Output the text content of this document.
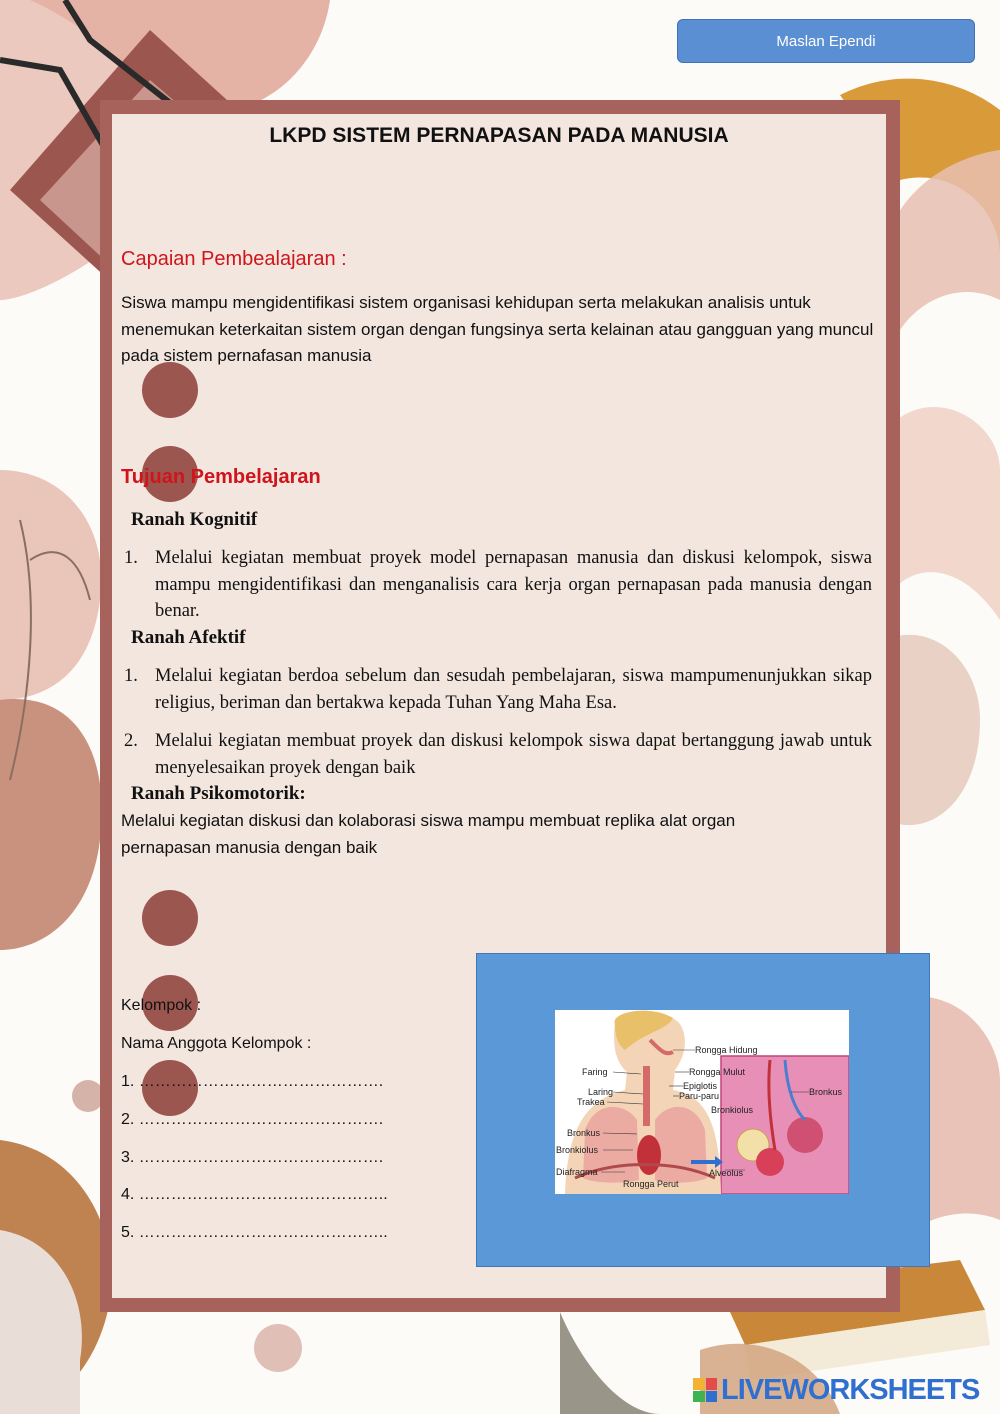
Maslan Ependi
LKPD SISTEM PERNAPASAN PADA MANUSIA
Capaian Pembealajaran :
Siswa mampu mengidentifikasi sistem organisasi kehidupan serta melakukan analisis untuk menemukan keterkaitan sistem organ dengan fungsinya serta kelainan atau gangguan yang muncul pada sistem pernafasan manusia
Tujuan Pembelajaran
Ranah Kognitif
1. Melalui kegiatan membuat proyek model pernapasan manusia dan diskusi kelompok, siswa mampu mengidentifikasi dan menganalisis cara kerja organ pernapasan pada manusia dengan benar.
Ranah Afektif
1. Melalui kegiatan berdoa sebelum dan sesudah pembelajaran, siswa mampumenunjukkan sikap religius, beriman dan bertakwa kepada Tuhan Yang Maha Esa.
2. Melalui kegiatan membuat proyek dan diskusi kelompok siswa dapat bertanggung jawab untuk menyelesaikan proyek dengan baik
Ranah Psikomotorik:
Melalui kegiatan diskusi dan kolaborasi siswa mampu membuat replika alat organ pernapasan manusia dengan baik
Kelompok :
Nama Anggota Kelompok :
1. ……………………………………….
2. ……………………………………….
3. ……………………………………….
4. ………………………………………..
5. ………………………………………..
Rongga Hidung
Faring	Rongga Mulut
Laring
Epiglotis
Trakea
Paru-paru
Bronkiolus
Bronkus
Bronkus
Bronkiolus
Diafragma	Alveolus
Rongga Perut
LIVEWORKSHEETS
